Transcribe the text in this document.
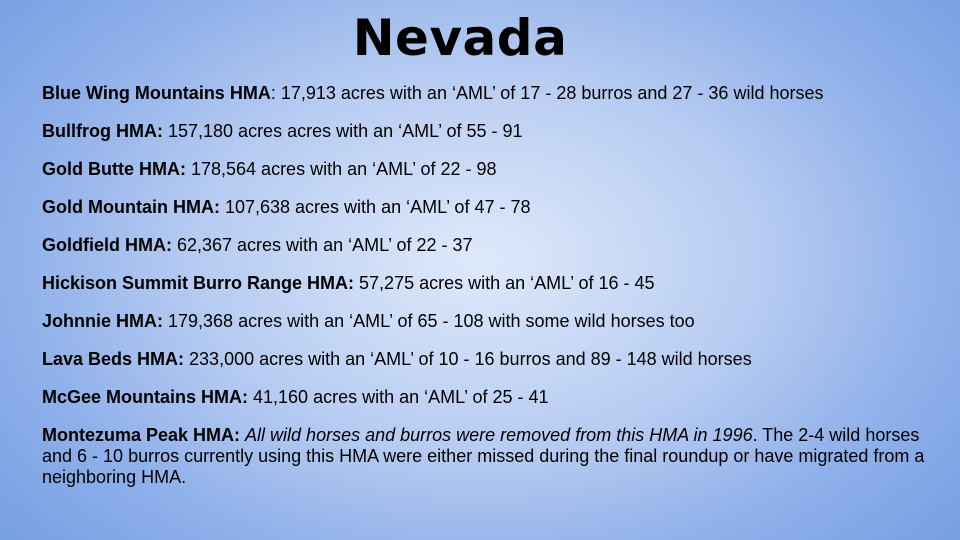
Nevada
Blue Wing Mountains HMA: 17,913 acres with an ‘AML’ of 17 - 28 burros and 27 - 36 wild horses
Bullfrog HMA: 157,180 acres acres with an ‘AML’ of 55 - 91
Gold Butte HMA: 178,564 acres with an ‘AML’ of 22 - 98
Gold Mountain HMA: 107,638 acres with an ‘AML’ of 47 - 78
Goldfield HMA: 62,367 acres with an ‘AML’ of 22 - 37
Hickison Summit Burro Range HMA: 57,275 acres with an ‘AML’ of 16 - 45
Johnnie HMA: 179,368 acres with an ‘AML’ of 65 - 108 with some wild horses too
Lava Beds HMA: 233,000 acres with an ‘AML’ of 10 - 16 burros and 89 - 148 wild horses
McGee Mountains HMA: 41,160 acres with an ‘AML’ of 25 - 41
Montezuma Peak HMA: All wild horses and burros were removed from this HMA in 1996. The 2-4 wild horses and 6 - 10 burros currently using this HMA were either missed during the final roundup or have migrated from a neighboring HMA.
